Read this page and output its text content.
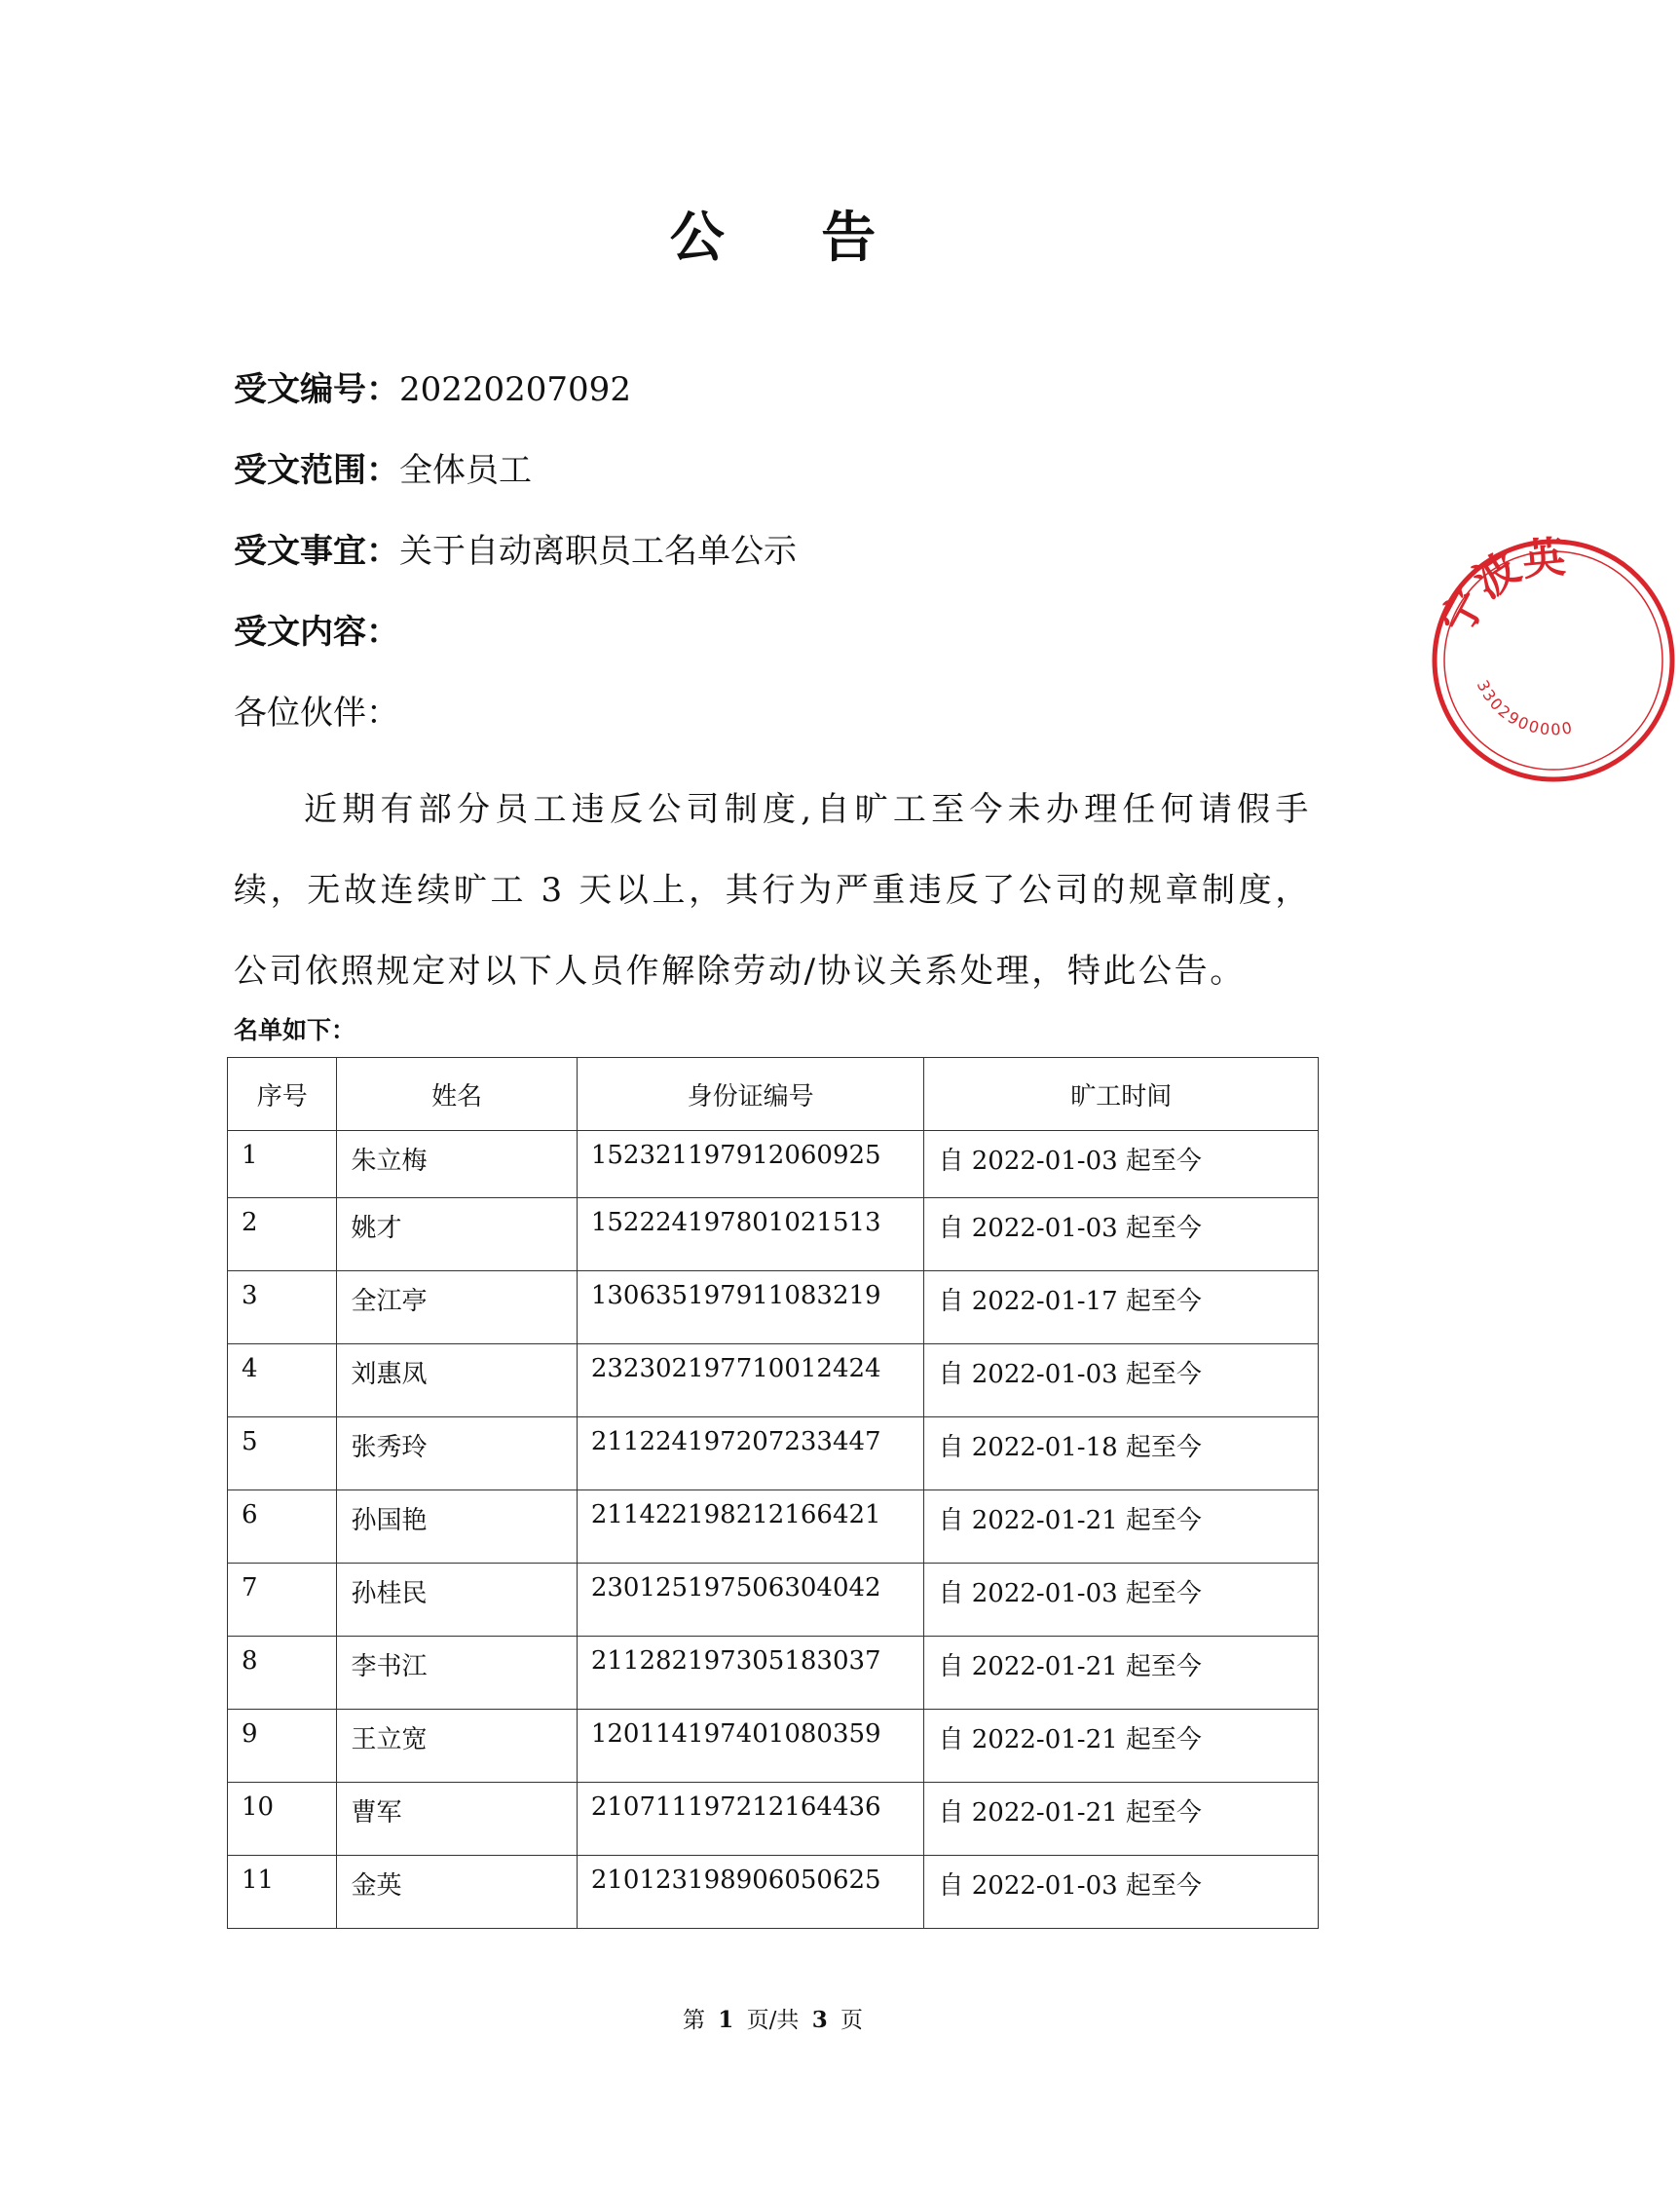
公 告
受文编号：20220207092
受文范围：全体员工
受文事宜：关于自动离职员工名单公示
受文内容：
各位伙伴：
近期有部分员工违反公司制度,自旷工至今未办理任何请假手续，无故连续旷工 3 天以上，其行为严重违反了公司的规章制度，公司依照规定对以下人员作解除劳动/协议关系处理，特此公告。
名单如下：
序号	姓名	身份证编号	旷工时间
1	朱立梅	152321197912060925	自 2022-01-03 起至今
2	姚才	152224197801021513	自 2022-01-03 起至今
3	全江亭	130635197911083219	自 2022-01-17 起至今
4	刘惠凤	232302197710012424	自 2022-01-03 起至今
5	张秀玲	211224197207233447	自 2022-01-18 起至今
6	孙国艳	211422198212166421	自 2022-01-21 起至今
7	孙桂民	230125197506304042	自 2022-01-03 起至今
8	李书江	211282197305183037	自 2022-01-21 起至今
9	王立宽	120114197401080359	自 2022-01-21 起至今
10	曹军	210711197212164436	自 2022-01-21 起至今
11	金英	210123198906050625	自 2022-01-03 起至今
第 1 页/共 3 页
宁波英
3302900000
